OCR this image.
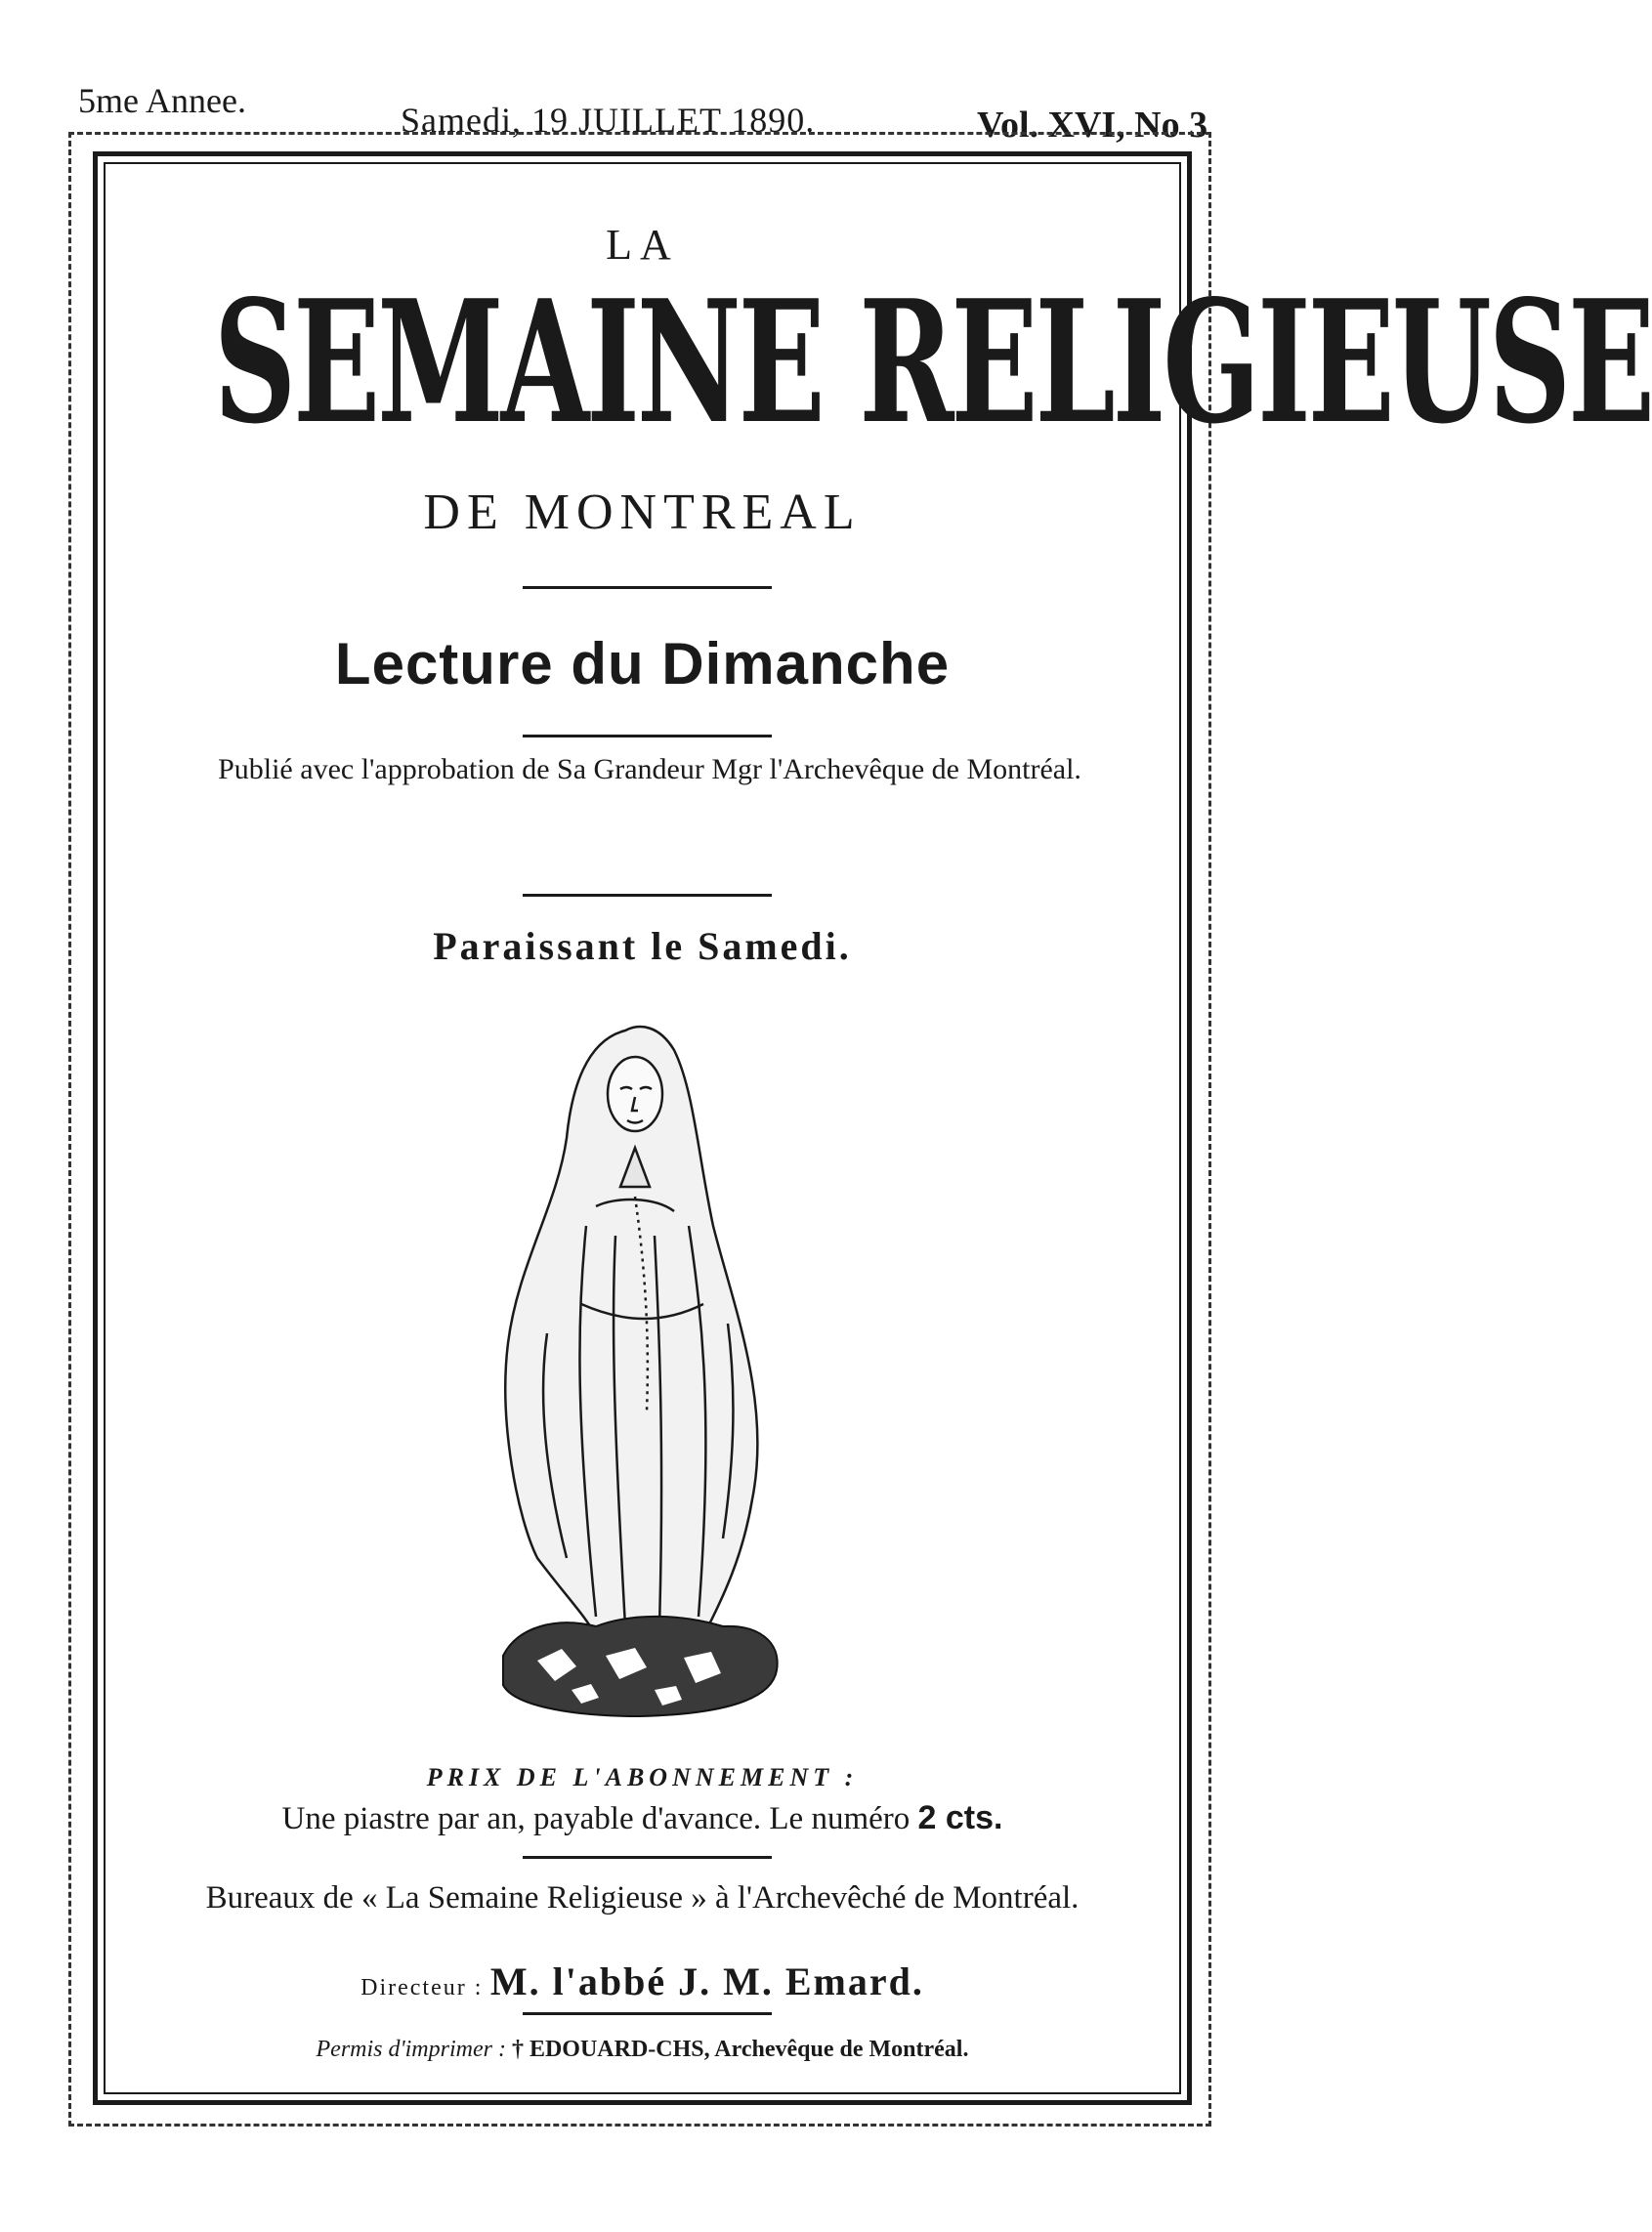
5me Annee.	Samedi, 19 JUILLET 1890.	Vol. XVI, No 3
LA
SEMAINE RELIGIEUSE
DE MONTREAL
Lecture du Dimanche
Publié avec l'approbation de Sa Grandeur Mgr l'Archevêque de Montréal.
Paraissant le Samedi.
PRIX DE L'ABONNEMENT :
Une piastre par an, payable d'avance. Le numéro 2 cts.
Bureaux de « La Semaine Religieuse » à l'Archevêché de Montréal.
Directeur : M. l'abbé J. M. Emard.
Permis d'imprimer : † EDOUARD-CHS, Archevêque de Montréal.
